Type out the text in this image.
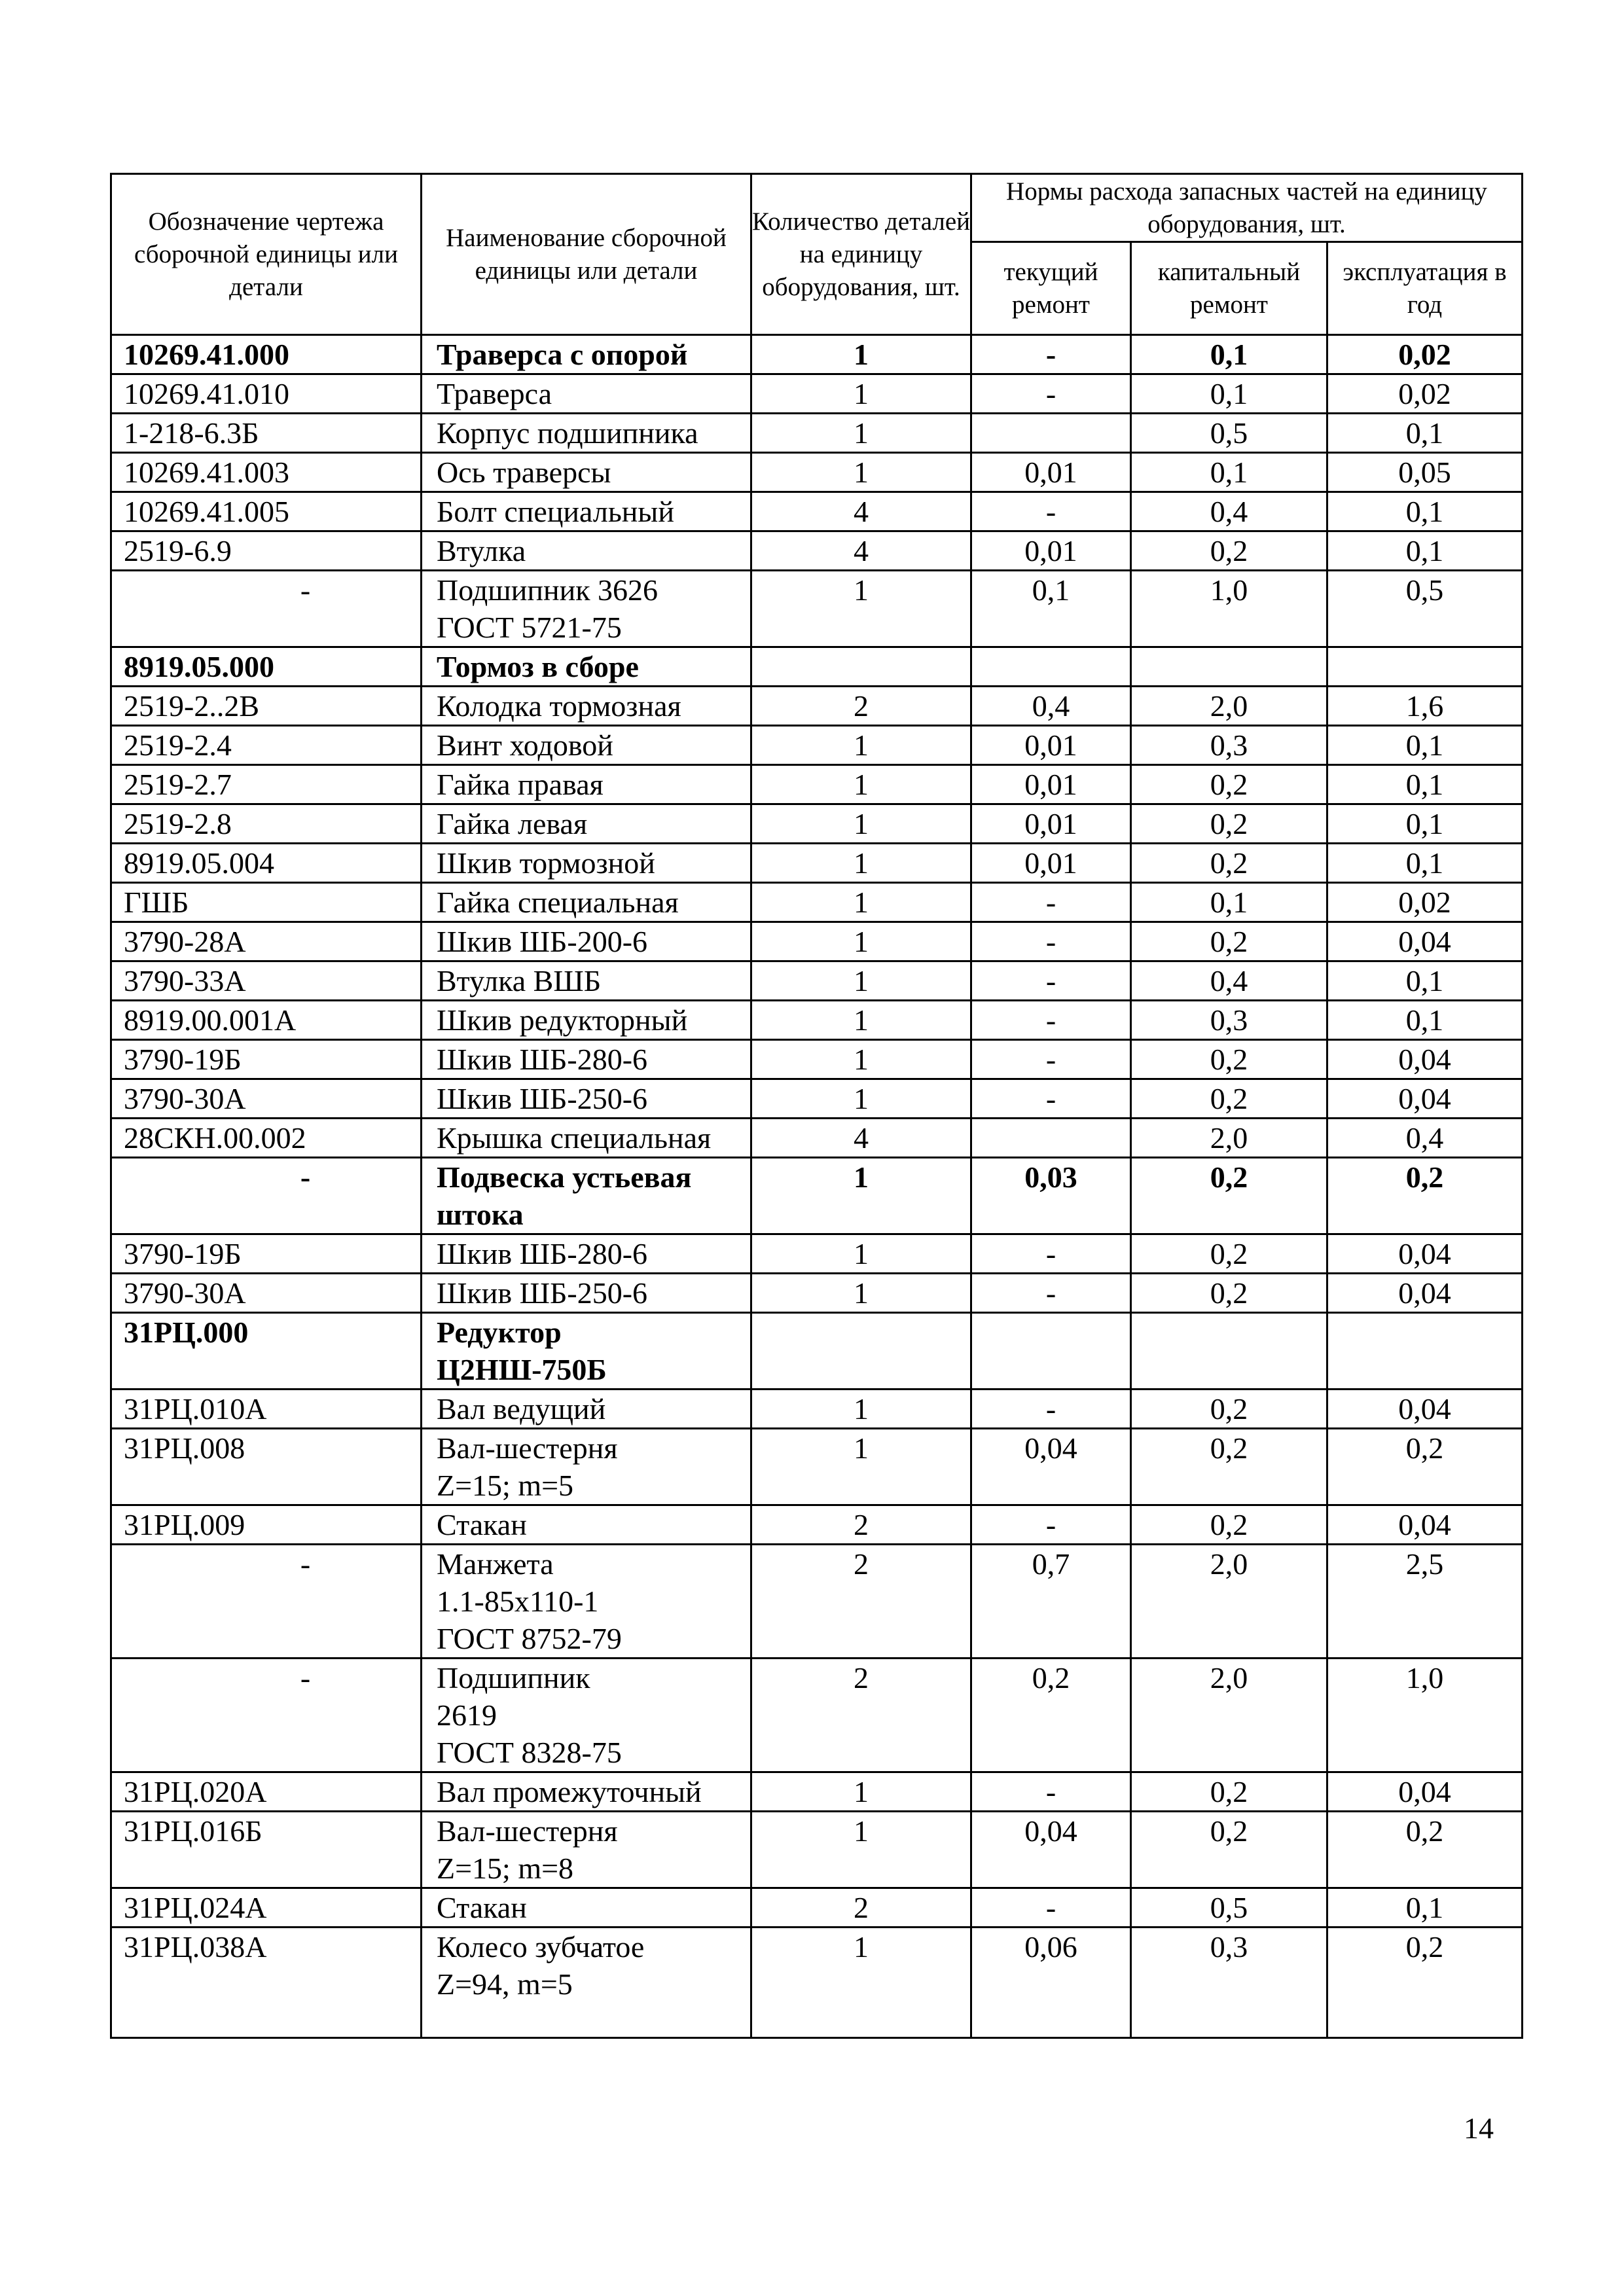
Обозначение чертежа сборочной единицы или детали	Наименование сборочной единицы или детали	Количество деталей на единицу оборудования, шт.	Нормы расхода запасных частей на единицу оборудования, шт.		
			текущий ремонт	капитальный ремонт	эксплуатация в год
10269.41.000	Траверса с опорой	1	-	0,1	0,02
10269.41.010	Траверса	1	-	0,1	0,02
1-218-6.3Б	Корпус подшипника	1		0,5	0,1
10269.41.003	Ось траверсы	1	0,01	0,1	0,05
10269.41.005	Болт специальный	4	-	0,4	0,1
2519-6.9	Втулка	4	0,01	0,2	0,1
-	Подшипник 3626
ГОСТ 5721-75	1	0,1	1,0	0,5
8919.05.000	Тормоз в сборе				
2519-2..2В	Колодка тормозная	2	0,4	2,0	1,6
2519-2.4	Винт ходовой	1	0,01	0,3	0,1
2519-2.7	Гайка правая	1	0,01	0,2	0,1
2519-2.8	Гайка левая	1	0,01	0,2	0,1
8919.05.004	Шкив тормозной	1	0,01	0,2	0,1
ГШБ	Гайка специальная	1	-	0,1	0,02
3790-28А	Шкив ШБ-200-6	1	-	0,2	0,04
3790-33А	Втулка ВШБ	1	-	0,4	0,1
8919.00.001А	Шкив редукторный	1	-	0,3	0,1
3790-19Б	Шкив ШБ-280-6	1	-	0,2	0,04
3790-30А	Шкив ШБ-250-6	1	-	0,2	0,04
28СКН.00.002	Крышка специальная	4		2,0	0,4
-	Подвеска устьевая
штока	1	0,03	0,2	0,2
3790-19Б	Шкив ШБ-280-6	1	-	0,2	0,04
3790-30А	Шкив ШБ-250-6	1	-	0,2	0,04
31РЦ.000	Редуктор
Ц2НШ-750Б				
31РЦ.010А	Вал ведущий	1	-	0,2	0,04
31РЦ.008	Вал-шестерня
Z=15; m=5	1	0,04	0,2	0,2
31РЦ.009	Стакан	2	-	0,2	0,04
-	Манжета
1.1-85х110-1
ГОСТ 8752-79	2	0,7	2,0	2,5
-	Подшипник
2619
ГОСТ 8328-75	2	0,2	2,0	1,0
31РЦ.020А	Вал промежуточный	1	-	0,2	0,04
31РЦ.016Б	Вал-шестерня
Z=15; m=8	1	0,04	0,2	0,2
31РЦ.024А	Стакан	2	-	0,5	0,1
31РЦ.038А	Колесо зубчатое
Z=94, m=5	1	0,06	0,3	0,2
14
